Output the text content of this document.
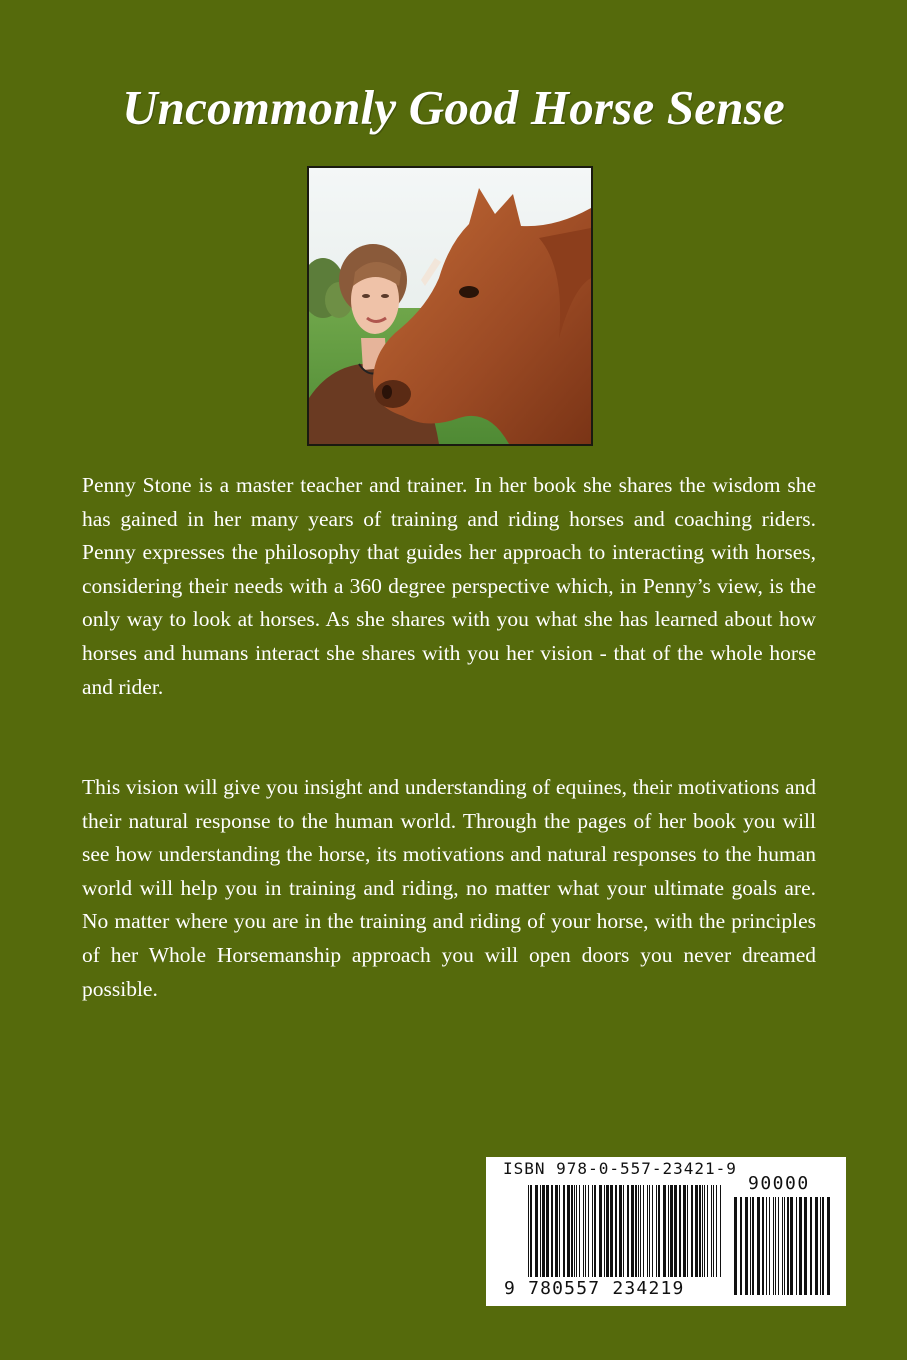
Uncommonly Good Horse Sense
Penny Stone is a master teacher and trainer. In her book she shares the wisdom she has gained in her many years of training and riding horses and coaching riders. Penny expresses the philosophy that guides her approach to interacting with horses, considering their needs with a 360 degree perspective which, in Penny’s view, is the only way to look at horses. As she shares with you what she has learned about how horses and humans interact she shares with you her vision - that of the whole horse and rider.
This vision will give you insight and understanding of equines, their motivations and their natural response to the human world. Through the pages of her book you will see how understanding the horse, its motivations and natural responses to the human world will help you in training and riding, no matter what your ultimate goals are. No matter where you are in the training and riding of your horse, with the principles of her Whole Horsemanship approach you will open doors you never dreamed possible.
ISBN 978-0-557-23421-9
90000
9 780557 234219
